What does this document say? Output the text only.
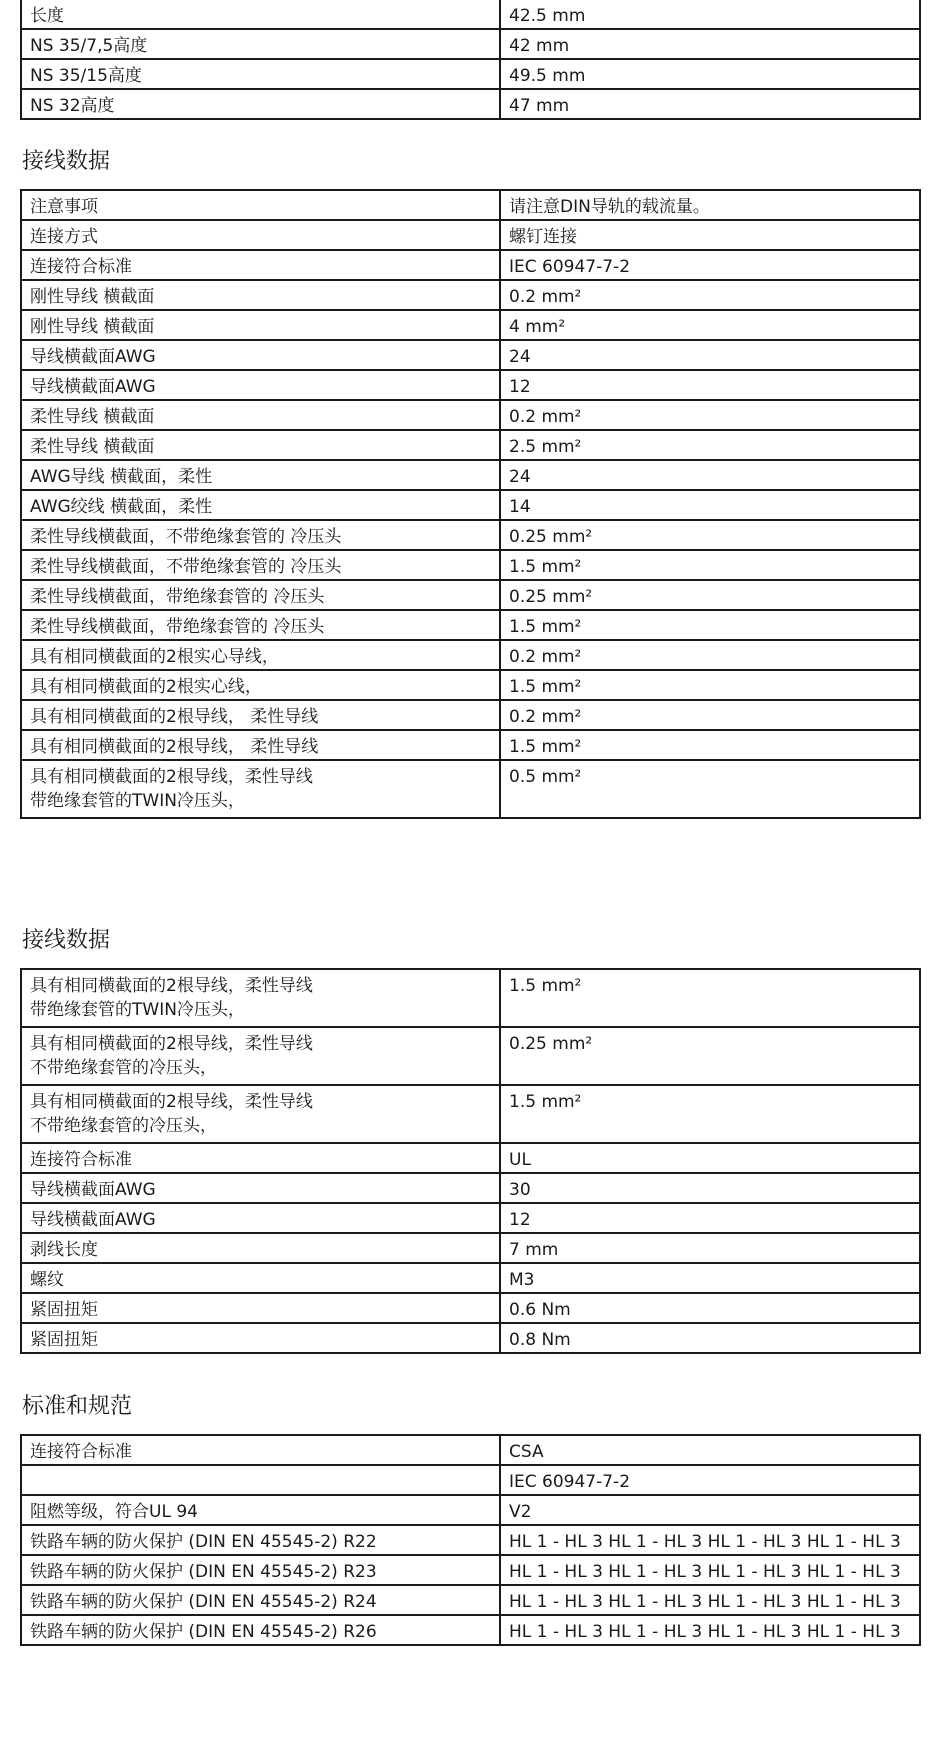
长度	42.5 mm
NS 35/7,5高度	42 mm
NS 35/15高度	49.5 mm
NS 32高度	47 mm
接线数据
注意事项	请注意DIN导轨的载流量。
连接方式	螺钉连接
连接符合标准	IEC 60947-7-2
刚性导线 横截面	0.2 mm²
刚性导线 横截面	4 mm²
导线横截面AWG	24
导线横截面AWG	12
柔性导线 横截面	0.2 mm²
柔性导线 横截面	2.5 mm²
AWG导线 横截面，柔性	24
AWG绞线 横截面，柔性	14
柔性导线横截面，不带绝缘套管的 冷压头	0.25 mm²
柔性导线横截面，不带绝缘套管的 冷压头	1.5 mm²
柔性导线横截面，带绝缘套管的 冷压头	0.25 mm²
柔性导线横截面，带绝缘套管的 冷压头	1.5 mm²
具有相同横截面的2根实心导线，	0.2 mm²
具有相同横截面的2根实心线，	1.5 mm²
具有相同横截面的2根导线， 柔性导线	0.2 mm²
具有相同横截面的2根导线， 柔性导线	1.5 mm²

具有相同横截面的2根导线，柔性导线
带绝缘套管的TWIN冷压头，	0.5 mm²
接线数据
具有相同横截面的2根导线，柔性导线
带绝缘套管的TWIN冷压头，	1.5 mm²

具有相同横截面的2根导线，柔性导线
不带绝缘套管的冷压头，	0.25 mm²

具有相同横截面的2根导线，柔性导线
不带绝缘套管的冷压头，	1.5 mm²
连接符合标准	UL
导线横截面AWG	30
导线横截面AWG	12
剥线长度	7 mm
螺纹	M3
紧固扭矩	0.6 Nm
紧固扭矩	0.8 Nm
标准和规范
连接符合标准	CSA
	IEC 60947-7-2
阻燃等级，符合UL 94	V2
铁路车辆的防火保护 (DIN EN 45545-2) R22	HL 1 - HL 3 HL 1 - HL 3 HL 1 - HL 3 HL 1 - HL 3
铁路车辆的防火保护 (DIN EN 45545-2) R23	HL 1 - HL 3 HL 1 - HL 3 HL 1 - HL 3 HL 1 - HL 3
铁路车辆的防火保护 (DIN EN 45545-2) R24	HL 1 - HL 3 HL 1 - HL 3 HL 1 - HL 3 HL 1 - HL 3
铁路车辆的防火保护 (DIN EN 45545-2) R26	HL 1 - HL 3 HL 1 - HL 3 HL 1 - HL 3 HL 1 - HL 3
